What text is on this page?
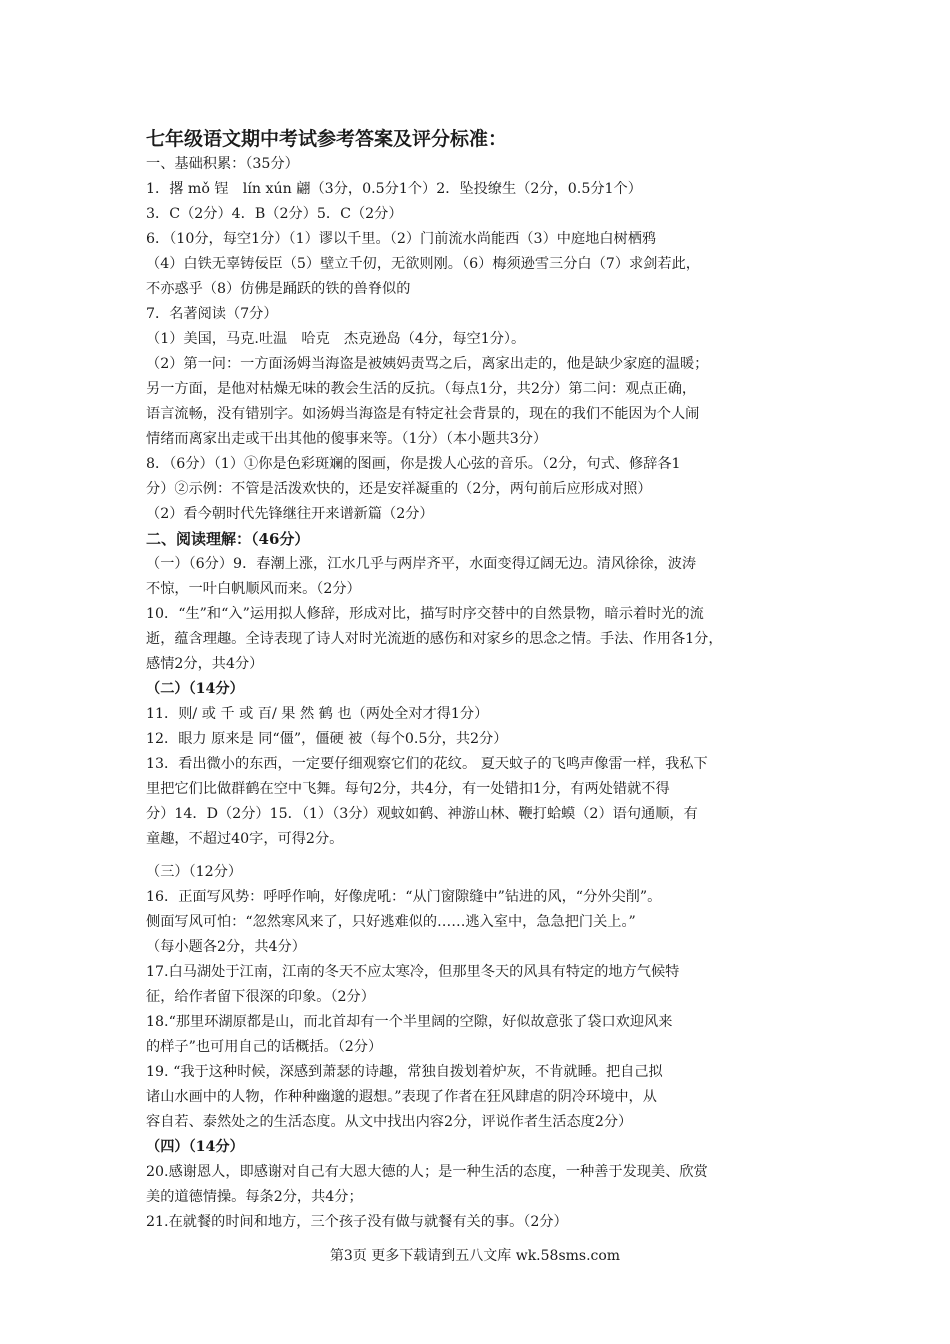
七年级语文期中考试参考答案及评分标准：
一、基础积累：（35分）
1．撂 mǒ 锃　lín xún 翩（3分，0.5分1个）2．坠投缭生（2分，0.5分1个）
3．C（2分）4．B（2分）5．C（2分）
6．（10分，每空1分）（1）谬以千里。（2）门前流水尚能西（3）中庭地白树栖鸦
（4）白铁无辜铸佞臣（5）壁立千仞，无欲则刚。（6）梅须逊雪三分白（7）求剑若此，
不亦惑乎（8）仿佛是踊跃的铁的兽脊似的
7．名著阅读（7分）
（1）美国，马克.吐温　哈克　杰克逊岛（4分，每空1分）。
（2）第一问：一方面汤姆当海盗是被姨妈责骂之后，离家出走的，他是缺少家庭的温暖；
另一方面，是他对枯燥无味的教会生活的反抗。（每点1分，共2分）第二问：观点正确，
语言流畅，没有错别字。如汤姆当海盗是有特定社会背景的，现在的我们不能因为个人闹
情绪而离家出走或干出其他的傻事来等。（1分）（本小题共3分）
8．（6分）（1）①你是色彩斑斓的图画，你是拨人心弦的音乐。（2分，句式、修辞各1
分）②示例：不管是活泼欢快的，还是安祥凝重的（2分，两句前后应形成对照）
（2）看今朝时代先锋继往开来谱新篇（2分）
二、阅读理解：（46分）
（一）（6分）9．春潮上涨，江水几乎与两岸齐平，水面变得辽阔无边。清风徐徐，波涛
不惊，一叶白帆顺风而来。（2分）
10．“生”和“入”运用拟人修辞，形成对比，描写时序交替中的自然景物，暗示着时光的流
逝，蕴含理趣。全诗表现了诗人对时光流逝的感伤和对家乡的思念之情。手法、作用各1分，
感情2分，共4分）
（二）（14分）
11．则/ 或 千 或 百/ 果 然 鹤 也（两处全对才得1分）
12．眼力 原来是 同“僵”，僵硬 被（每个0.5分，共2分）
13．看出微小的东西，一定要仔细观察它们的花纹。 夏天蚊子的飞鸣声像雷一样，我私下
里把它们比做群鹤在空中飞舞。每句2分，共4分，有一处错扣1分，有两处错就不得
分）14．D（2分）15．（1）（3分）观蚊如鹤、神游山林、鞭打蛤蟆（2）语句通顺，有
童趣，不超过40字，可得2分。
（三）（12分）
16．正面写风势：呼呼作响，好像虎吼：“从门窗隙缝中”钻进的风，“分外尖削”。
侧面写风可怕：“忽然寒风来了，只好逃难似的……逃入室中，急急把门关上。”
（每小题各2分，共4分）
17.白马湖处于江南，江南的冬天不应太寒冷，但那里冬天的风具有特定的地方气候特
征，给作者留下很深的印象。（2分）
18.“那里环湖原都是山，而北首却有一个半里阔的空隙，好似故意张了袋口欢迎风来
的样子”也可用自己的话概括。（2分）
19. “我于这种时候，深感到萧瑟的诗趣，常独自拨划着炉灰，不肯就睡。把自己拟
诸山水画中的人物，作种种幽邈的遐想。”表现了作者在狂风肆虐的阴冷环境中，从
容自若、泰然处之的生活态度。从文中找出内容2分，评说作者生活态度2分）
（四）（14分）
20.感谢恩人，即感谢对自己有大恩大德的人；是一种生活的态度，一种善于发现美、欣赏
美的道德情操。每条2分，共4分；
21.在就餐的时间和地方，三个孩子没有做与就餐有关的事。（2分）
第3页 更多下载请到五八文库 wk.58sms.com
